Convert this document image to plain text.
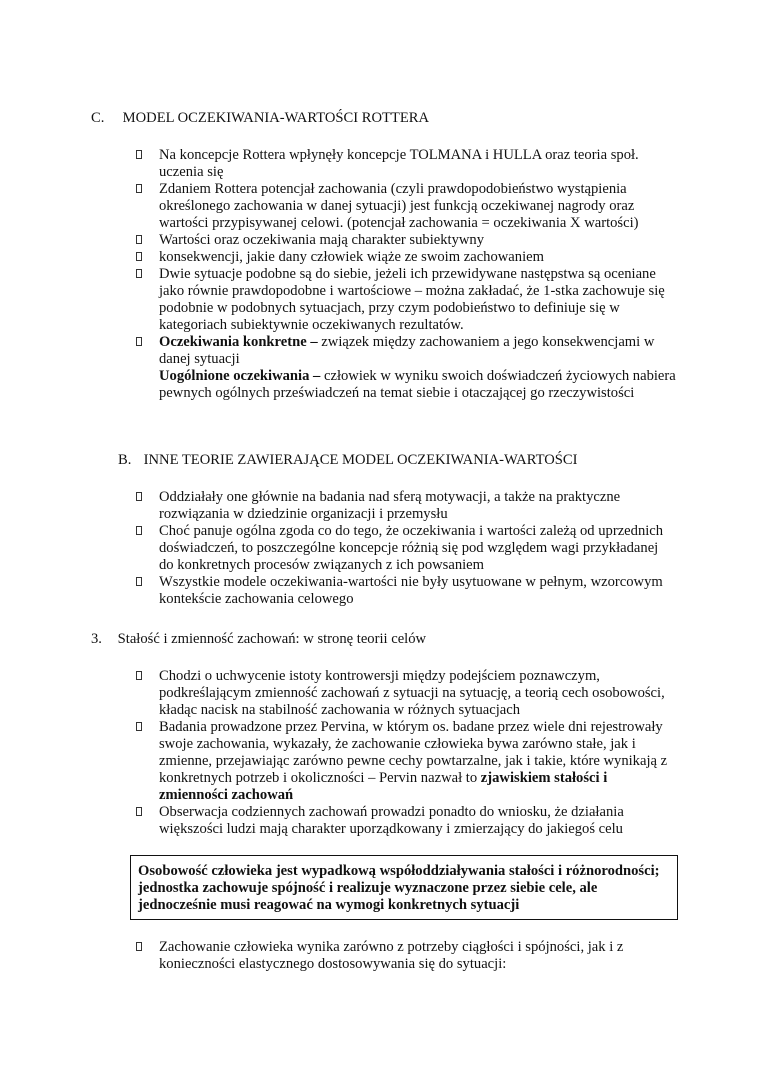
C. MODEL OCZEKIWANIA-WARTOŚCI ROTTERA
Na koncepcje Rottera wpłynęły koncepcje TOLMANA i HULLA oraz teoria społ. uczenia się
Zdaniem Rottera potencjał zachowania (czyli prawdopodobieństwo wystąpienia określonego zachowania w danej sytuacji) jest funkcją oczekiwanej nagrody oraz wartości przypisywanej celowi. (potencjał zachowania = oczekiwania X wartości)
Wartości oraz oczekiwania mają charakter subiektywny
konsekwencji, jakie dany człowiek wiąże ze swoim zachowaniem
Dwie sytuacje podobne są do siebie, jeżeli ich przewidywane następstwa są oceniane jako równie prawdopodobne i wartościowe – można zakładać, że 1-stka zachowuje się podobnie w podobnych sytuacjach, przy czym podobieństwo to definiuje się w kategoriach subiektywnie oczekiwanych rezultatów.
Oczekiwania konkretne – związek między zachowaniem a jego konsekwencjami w danej sytuacji
Uogólnione oczekiwania – człowiek w wyniku swoich doświadczeń życiowych nabiera pewnych ogólnych przeświadczeń na temat siebie i otaczającej go rzeczywistości
B. INNE TEORIE ZAWIERAJĄCE MODEL OCZEKIWANIA-WARTOŚCI
Oddziałały one głównie na badania nad sferą motywacji, a także na praktyczne rozwiązania w dziedzinie organizacji i przemysłu
Choć panuje ogólna zgoda co do tego, że oczekiwania i wartości zależą od uprzednich doświadczeń, to poszczególne koncepcje różnią się pod względem wagi przykładanej do konkretnych procesów związanych z ich powsaniem
Wszystkie modele oczekiwania-wartości nie były usytuowane w pełnym, wzorcowym kontekście zachowania celowego
3. Stałość i zmienność zachowań: w stronę teorii celów
Chodzi o uchwycenie istoty kontrowersji między podejściem poznawczym, podkreślającym zmienność zachowań z sytuacji na sytuację, a teorią cech osobowości, kładąc nacisk na stabilność zachowania w różnych sytuacjach
Badania prowadzone przez Pervina, w którym os. badane przez wiele dni rejestrowały swoje zachowania, wykazały, że zachowanie człowieka bywa zarówno stałe, jak i zmienne, przejawiając zarówno pewne cechy powtarzalne, jak i takie, które wynikają z konkretnych potrzeb i okoliczności – Pervin nazwał to zjawiskiem stałości i zmienności zachowań
Obserwacja codziennych zachowań prowadzi ponadto do wniosku, że działania większości ludzi mają charakter uporządkowany i zmierzający do jakiegoś celu
Osobowość człowieka jest wypadkową współoddziaływania stałości i różnorodności; jednostka zachowuje spójność i realizuje wyznaczone przez siebie cele, ale jednocześnie musi reagować na wymogi konkretnych sytuacji
Zachowanie człowieka wynika zarówno z potrzeby ciągłości i spójności, jak i z konieczności elastycznego dostosowywania się do sytuacji:
